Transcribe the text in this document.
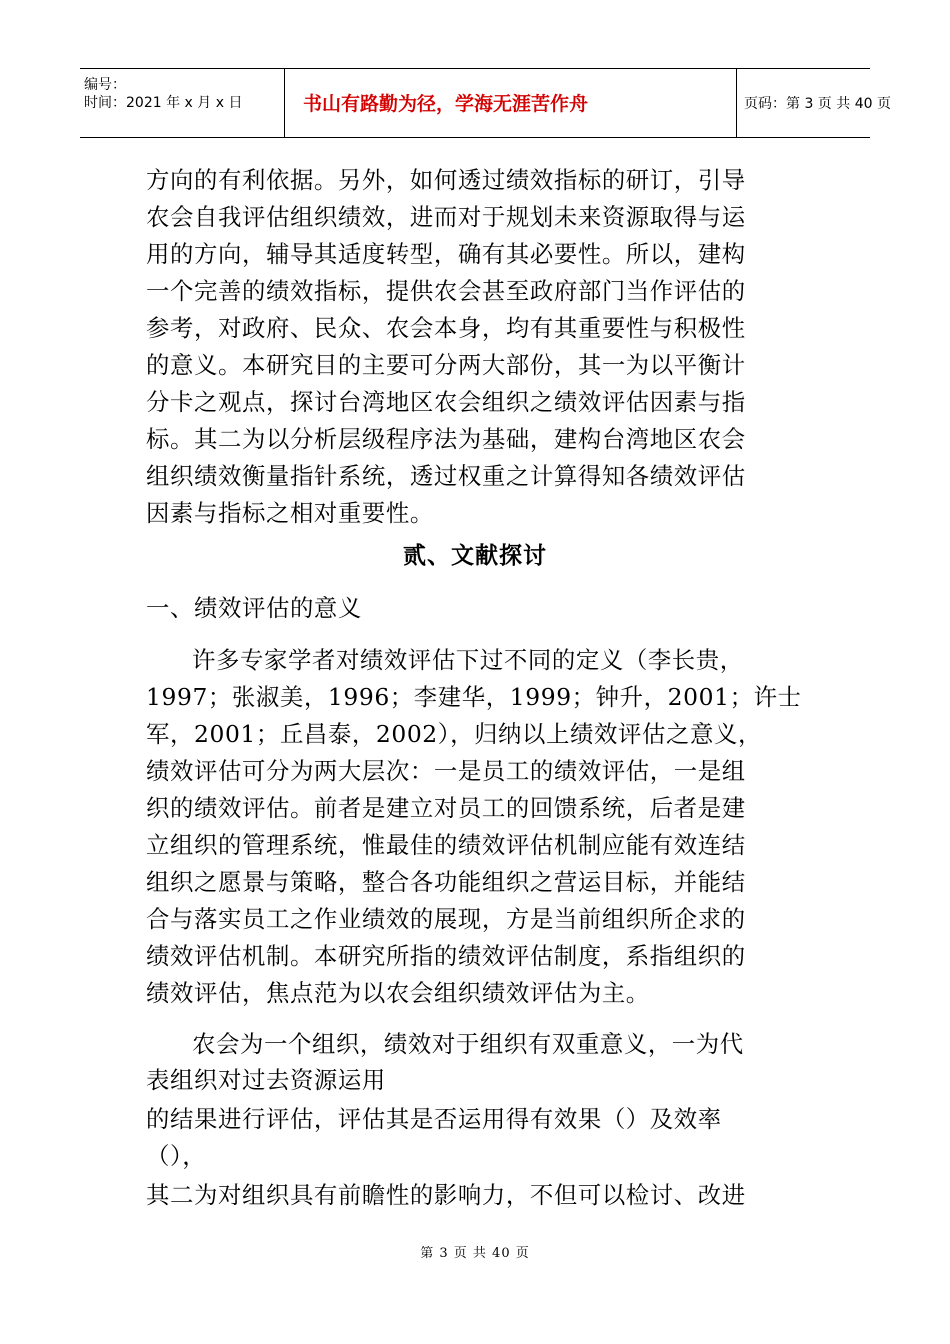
编号：
时间：2021 年 x 月 x 日	书山有路勤为径，学海无涯苦作舟	页码：第 3 页 共 40 页
方向的有利依据。另外，如何透过绩效指标的研订，引导
农会自我评估组织绩效，进而对于规划未来资源取得与运
用的方向，辅导其适度转型，确有其必要性。所以，建构
一个完善的绩效指标，提供农会甚至政府部门当作评估的
参考，对政府、民众、农会本身，均有其重要性与积极性
的意义。本研究目的主要可分两大部份，其一为以平衡计
分卡之观点，探讨台湾地区农会组织之绩效评估因素与指
标。其二为以分析层级程序法为基础，建构台湾地区农会
组织绩效衡量指针系统，透过权重之计算得知各绩效评估
因素与指标之相对重要性。
贰、文献探讨
一、绩效评估的意义
许多专家学者对绩效评估下过不同的定义（李长贵，
1997；张淑美，1996；李建华，1999；钟升，2001；许士
军，2001；丘昌泰，2002），归纳以上绩效评估之意义，
绩效评估可分为两大层次：一是员工的绩效评估，一是组
织的绩效评估。前者是建立对员工的回馈系统，后者是建
立组织的管理系统，惟最佳的绩效评估机制应能有效连结
组织之愿景与策略，整合各功能组织之营运目标，并能结
合与落实员工之作业绩效的展现，方是当前组织所企求的
绩效评估机制。本研究所指的绩效评估制度，系指组织的
绩效评估，焦点范为以农会组织绩效评估为主。
农会为一个组织，绩效对于组织有双重意义，一为代
表组织对过去资源运用
的结果进行评估，评估其是否运用得有效果（）及效率
（），
其二为对组织具有前瞻性的影响力，不但可以检讨、改进
第 3 页 共 40 页
